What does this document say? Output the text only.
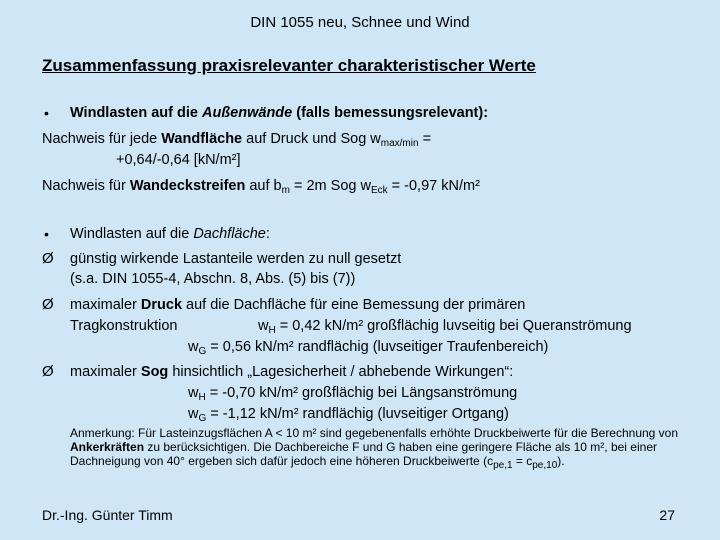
DIN 1055 neu, Schnee und Wind
Zusammenfassung praxisrelevanter charakteristischer Werte
• Windlasten auf die Außenwände (falls bemessungsrelevant):
Nachweis für jede Wandfläche auf Druck und Sog $w_{max/min}$ =
+0,64/-0,64 [kN/m²]
Nachweis für Wandeckstreifen auf $b_m = 2m$ Sog $w_{Eck} = -0,97$ kN/m²
• Windlasten auf die Dachfläche:
Ø günstig wirkende Lastanteile werden zu null gesetzt
(s.a. DIN 1055-4, Abschn. 8, Abs. (5) bis (7))
Ø maximaler Druck auf die Dachfläche für eine Bemessung der primären
Tragkonstruktion	$w_H = 0,42$ kN/m² großflächig luvseitig bei Queranströmung
$w_G = 0,56$ kN/m² randflächig (luvseitiger Traufenbereich)
Ø maximaler Sog hinsichtlich „Lagesicherheit / abhebende Wirkungen“:
$w_H = -0,70$ kN/m² großflächig bei Längsanströmung
$w_G = -1,12$ kN/m² randflächig (luvseitiger Ortgang)
Anmerkung: Für Lasteinzugsflächen A < 10 m² sind gegebenenfalls erhöhte Druckbeiwerte für die Berechnung von Ankerkräften zu berücksichtigen. Die Dachbereiche F und G haben eine geringere Fläche als 10 m², bei einer Dachneigung von 40° ergeben sich dafür jedoch eine höheren Druckbeiwerte $(c_{pe,1} = c_{pe,10})$.
Dr.-Ing. Günter Timm	27
